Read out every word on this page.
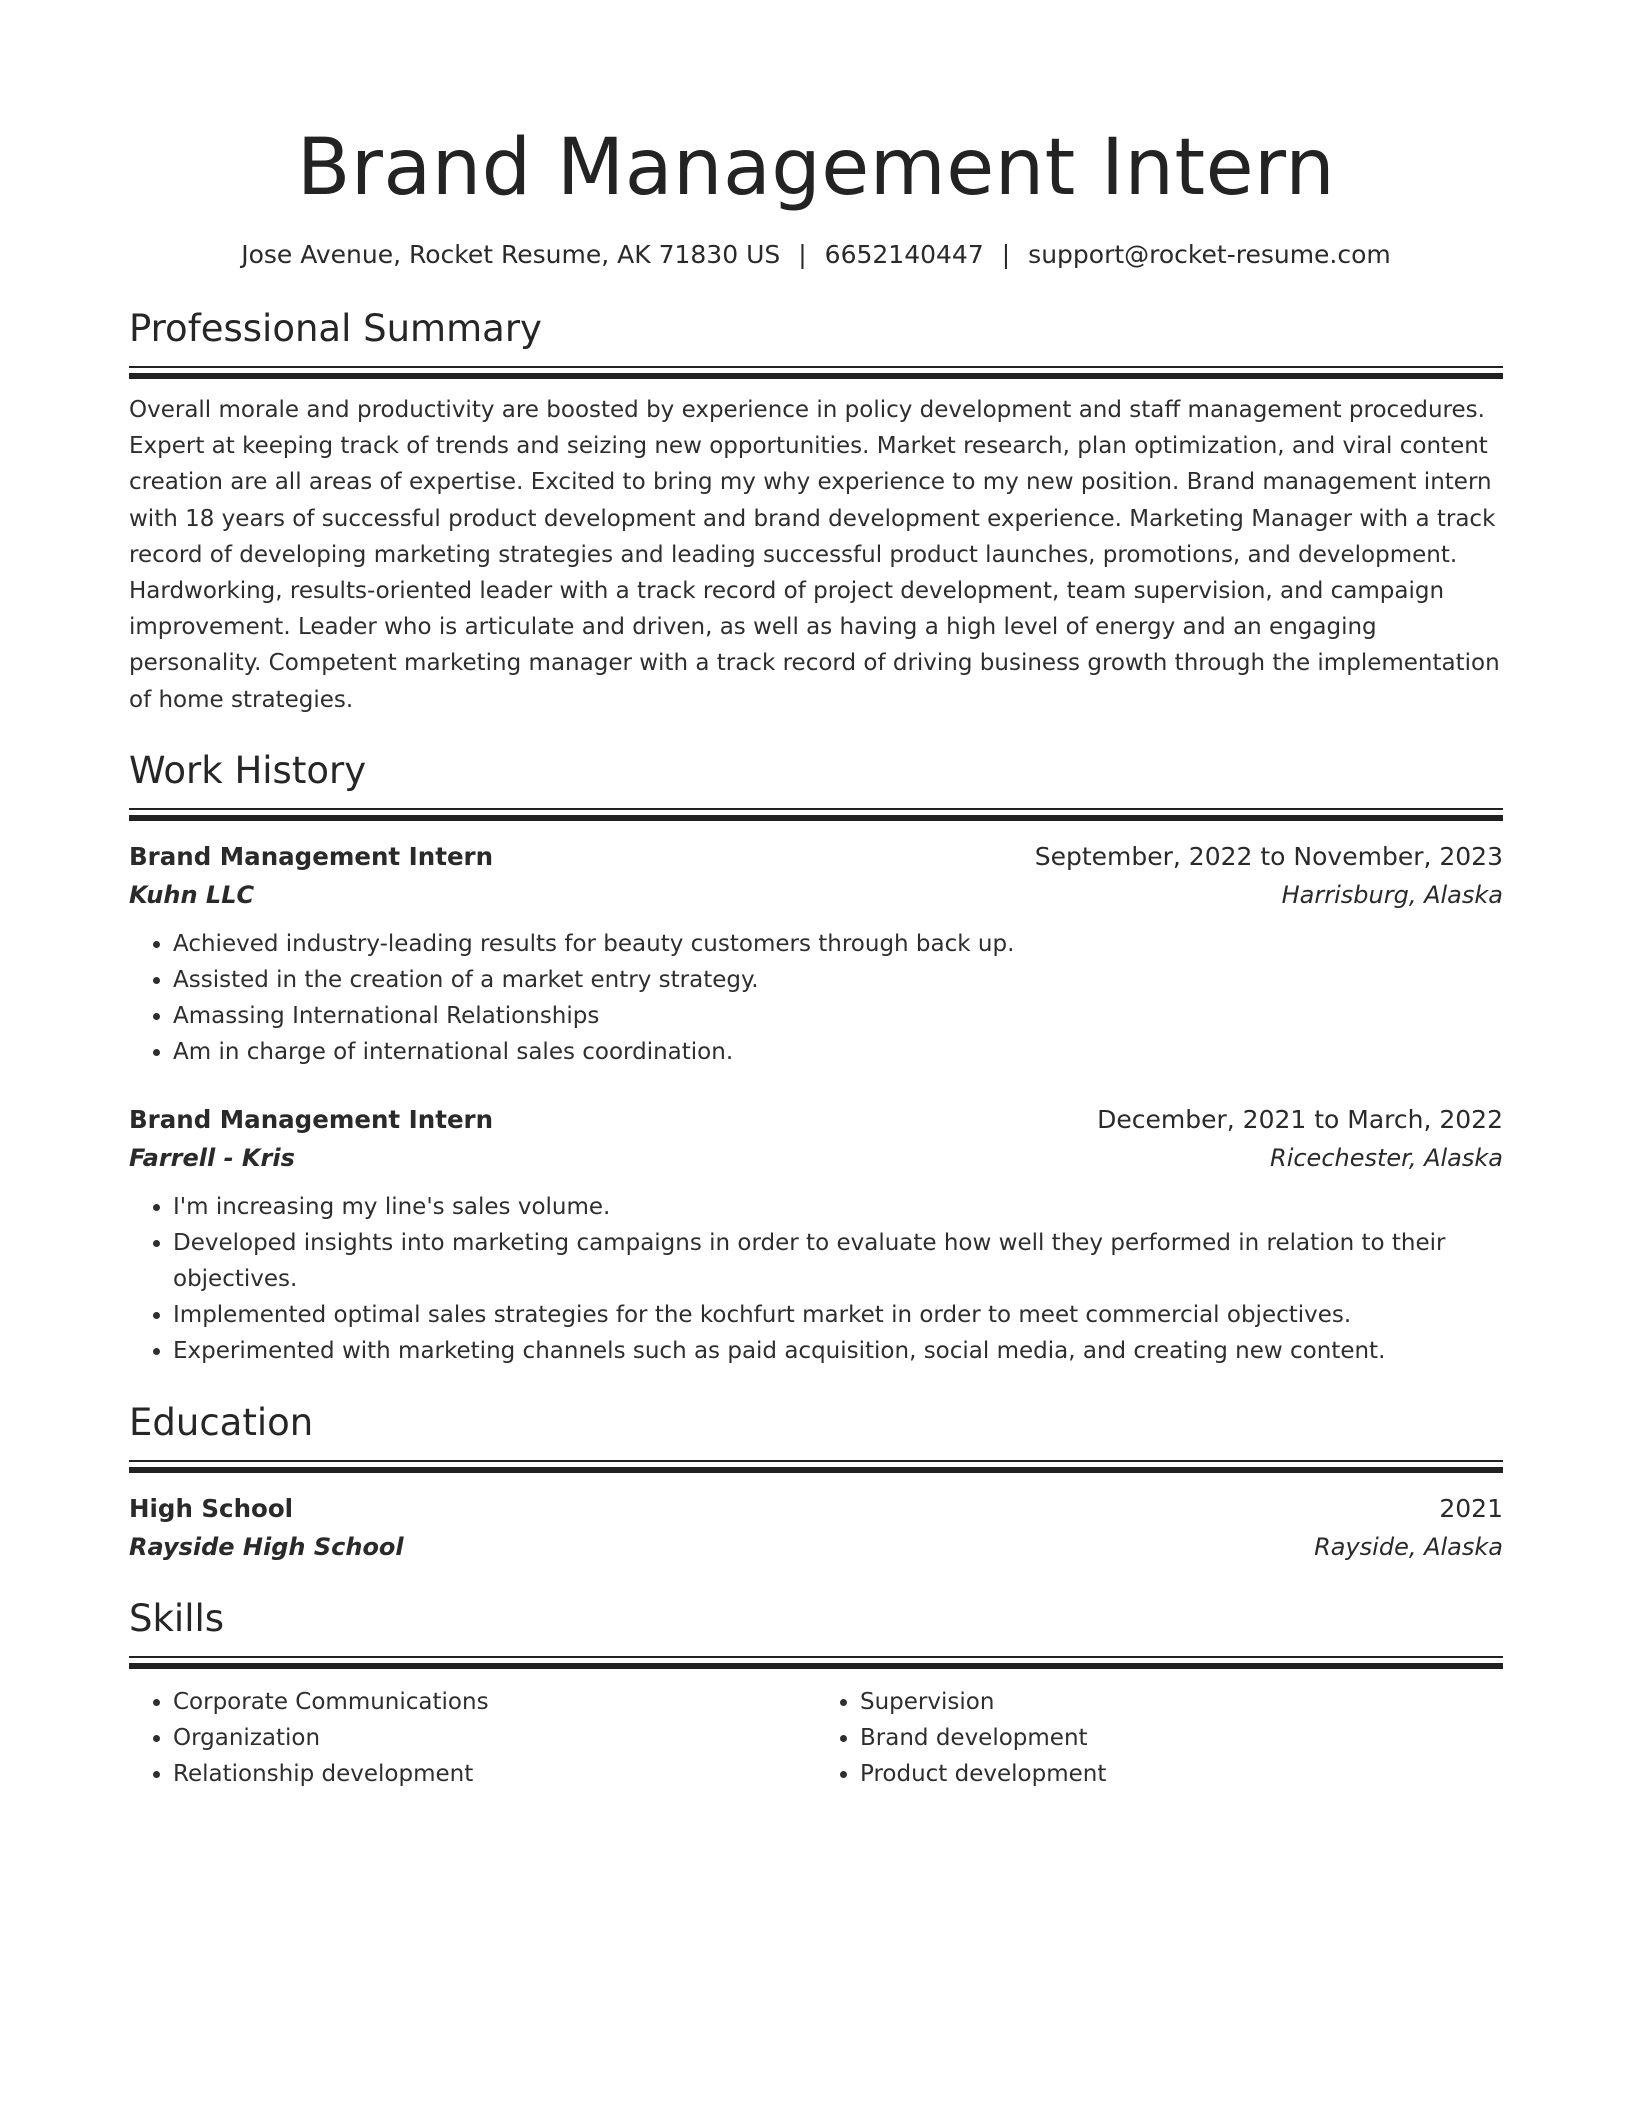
Brand Management Intern
Jose Avenue, Rocket Resume, AK 71830 US | 6652140447 | support@rocket-resume.com
Professional Summary
Overall morale and productivity are boosted by experience in policy development and staff management procedures. Expert at keeping track of trends and seizing new opportunities. Market research, plan optimization, and viral content creation are all areas of expertise. Excited to bring my why experience to my new position. Brand management intern with 18 years of successful product development and brand development experience. Marketing Manager with a track record of developing marketing strategies and leading successful product launches, promotions, and development. Hardworking, results-oriented leader with a track record of project development, team supervision, and campaign improvement. Leader who is articulate and driven, as well as having a high level of energy and an engaging personality. Competent marketing manager with a track record of driving business growth through the implementation of home strategies.
Work History
Brand Management Intern	September, 2022 to November, 2023
Kuhn LLC	Harrisburg, Alaska
• Achieved industry-leading results for beauty customers through back up.
• Assisted in the creation of a market entry strategy.
• Amassing International Relationships
• Am in charge of international sales coordination.
Brand Management Intern	December, 2021 to March, 2022
Farrell - Kris	Ricechester, Alaska
• I'm increasing my line's sales volume.
• Developed insights into marketing campaigns in order to evaluate how well they performed in relation to their objectives.
• Implemented optimal sales strategies for the kochfurt market in order to meet commercial objectives.
• Experimented with marketing channels such as paid acquisition, social media, and creating new content.
Education
High School	2021
Rayside High School	Rayside, Alaska
Skills
• Corporate Communications
• Organization
• Relationship development
• Supervision
• Brand development
• Product development
